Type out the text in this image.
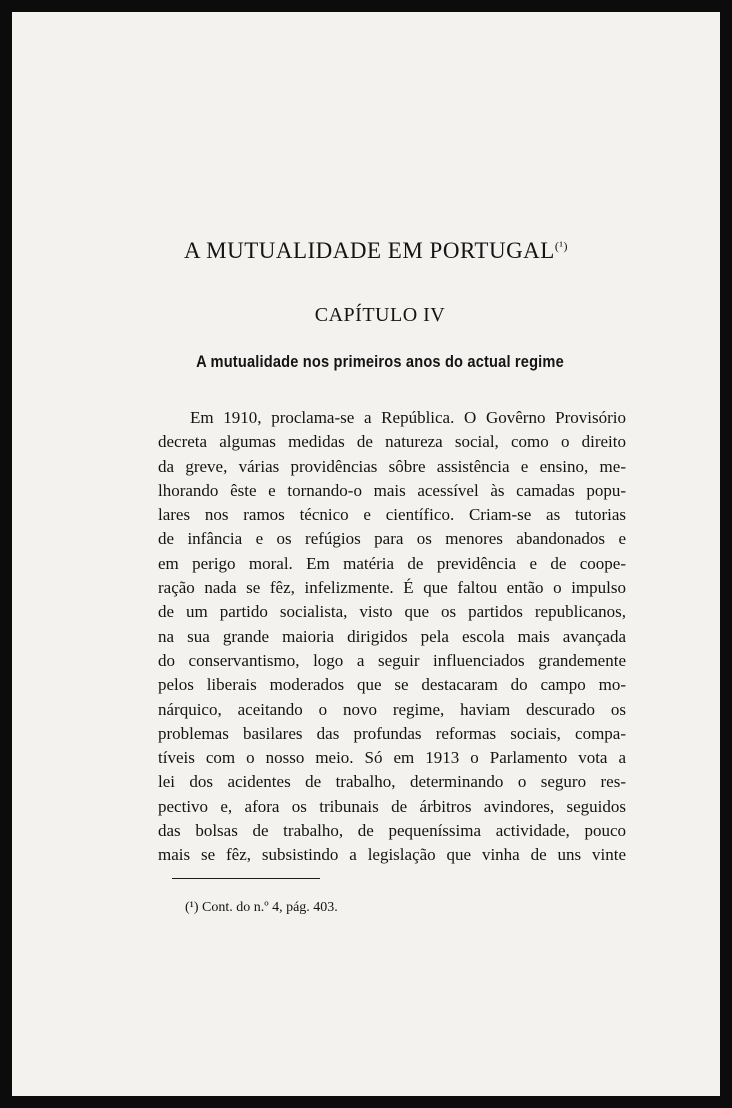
A MUTUALIDADE EM $PORTUGAL^{(^1)}$
CAPÍTULO IV
A mutualidade nos primeiros anos do actual regime
Em 1910, proclama-se a República. O Govêrno Provisório
decreta algumas medidas de natureza social, como o direito
da greve, várias providências sôbre assistência e ensino, me-
lhorando êste e tornando-o mais acessível às camadas popu-
lares nos ramos técnico e científico. Criam-se as tutorias
de infância e os refúgios para os menores abandonados e
em perigo moral. Em matéria de previdência e de coope-
ração nada se fêz, infelizmente. É que faltou então o impulso
de um partido socialista, visto que os partidos republicanos,
na sua grande maioria dirigidos pela escola mais avançada
do conservantismo, logo a seguir influenciados grandemente
pelos liberais moderados que se destacaram do campo mo-
nárquico, aceitando o novo regime, haviam descurado os
problemas basilares das profundas reformas sociais, compa-
tíveis com o nosso meio. Só em 1913 o Parlamento vota a
lei dos acidentes de trabalho, determinando o seguro res-
pectivo e, afora os tribunais de árbitros avindores, seguidos
das bolsas de trabalho, de pequeníssima actividade, pouco
mais se fêz, subsistindo a legislação que vinha de uns vinte
(¹) Cont. do n.º 4, pág. 403.
